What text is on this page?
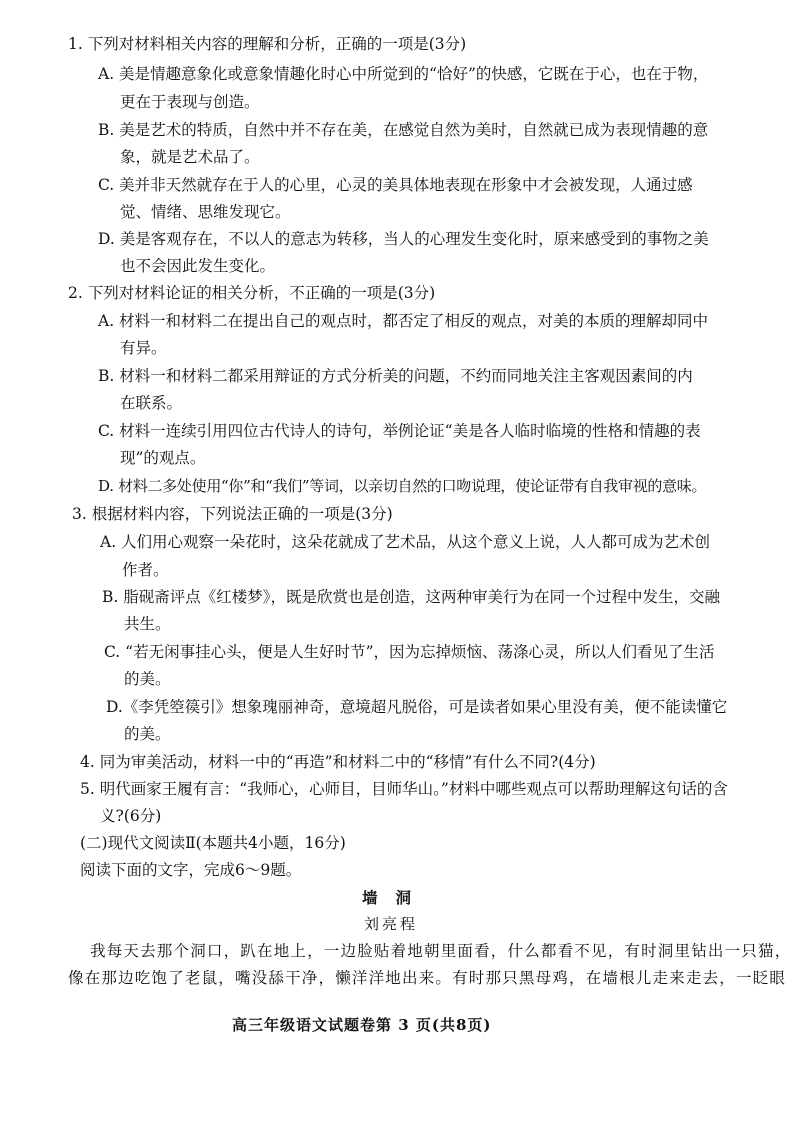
1. 下列对材料相关内容的理解和分析，正确的一项是(3分)
A. 美是情趣意象化或意象情趣化时心中所觉到的“恰好”的快感，它既在于心，也在于物，
更在于表现与创造。
B. 美是艺术的特质，自然中并不存在美，在感觉自然为美时，自然就已成为表现情趣的意
象，就是艺术品了。
C. 美并非天然就存在于人的心里，心灵的美具体地表现在形象中才会被发现，人通过感
觉、情绪、思维发现它。
D. 美是客观存在，不以人的意志为转移，当人的心理发生变化时，原来感受到的事物之美
也不会因此发生变化。
2. 下列对材料论证的相关分析，不正确的一项是(3分)
A. 材料一和材料二在提出自己的观点时，都否定了相反的观点，对美的本质的理解却同中
有异。
B. 材料一和材料二都采用辩证的方式分析美的问题，不约而同地关注主客观因素间的内
在联系。
C. 材料一连续引用四位古代诗人的诗句，举例论证“美是各人临时临境的性格和情趣的表
现”的观点。
D. 材料二多处使用“你”和“我们”等词，以亲切自然的口吻说理，使论证带有自我审视的意味。
3. 根据材料内容，下列说法正确的一项是(3分)
A. 人们用心观察一朵花时，这朵花就成了艺术品，从这个意义上说，人人都可成为艺术创
作者。
B. 脂砚斋评点《红楼梦》，既是欣赏也是创造，这两种审美行为在同一个过程中发生，交融
共生。
C. “若无闲事挂心头，便是人生好时节”，因为忘掉烦恼、荡涤心灵，所以人们看见了生活
的美。
D.《李凭箜篌引》想象瑰丽神奇，意境超凡脱俗，可是读者如果心里没有美，便不能读懂它
的美。
4. 同为审美活动，材料一中的“再造”和材料二中的“移情”有什么不同?(4分)
5. 明代画家王履有言：“我师心，心师目，目师华山。”材料中哪些观点可以帮助理解这句话的含
义?(6分)
(二)现代文阅读Ⅱ(本题共4小题，16分)
阅读下面的文字，完成6～9题。
墙洞
刘亮程
我每天去那个洞口，趴在地上，一边脸贴着地朝里面看，什么都看不见，有时洞里钻出一只猫，
像在那边吃饱了老鼠，嘴没舔干净，懒洋洋地出来。有时那只黑母鸡，在墙根儿走来走去，一眨眼
高三年级语文试题卷第 3 页(共8页)
